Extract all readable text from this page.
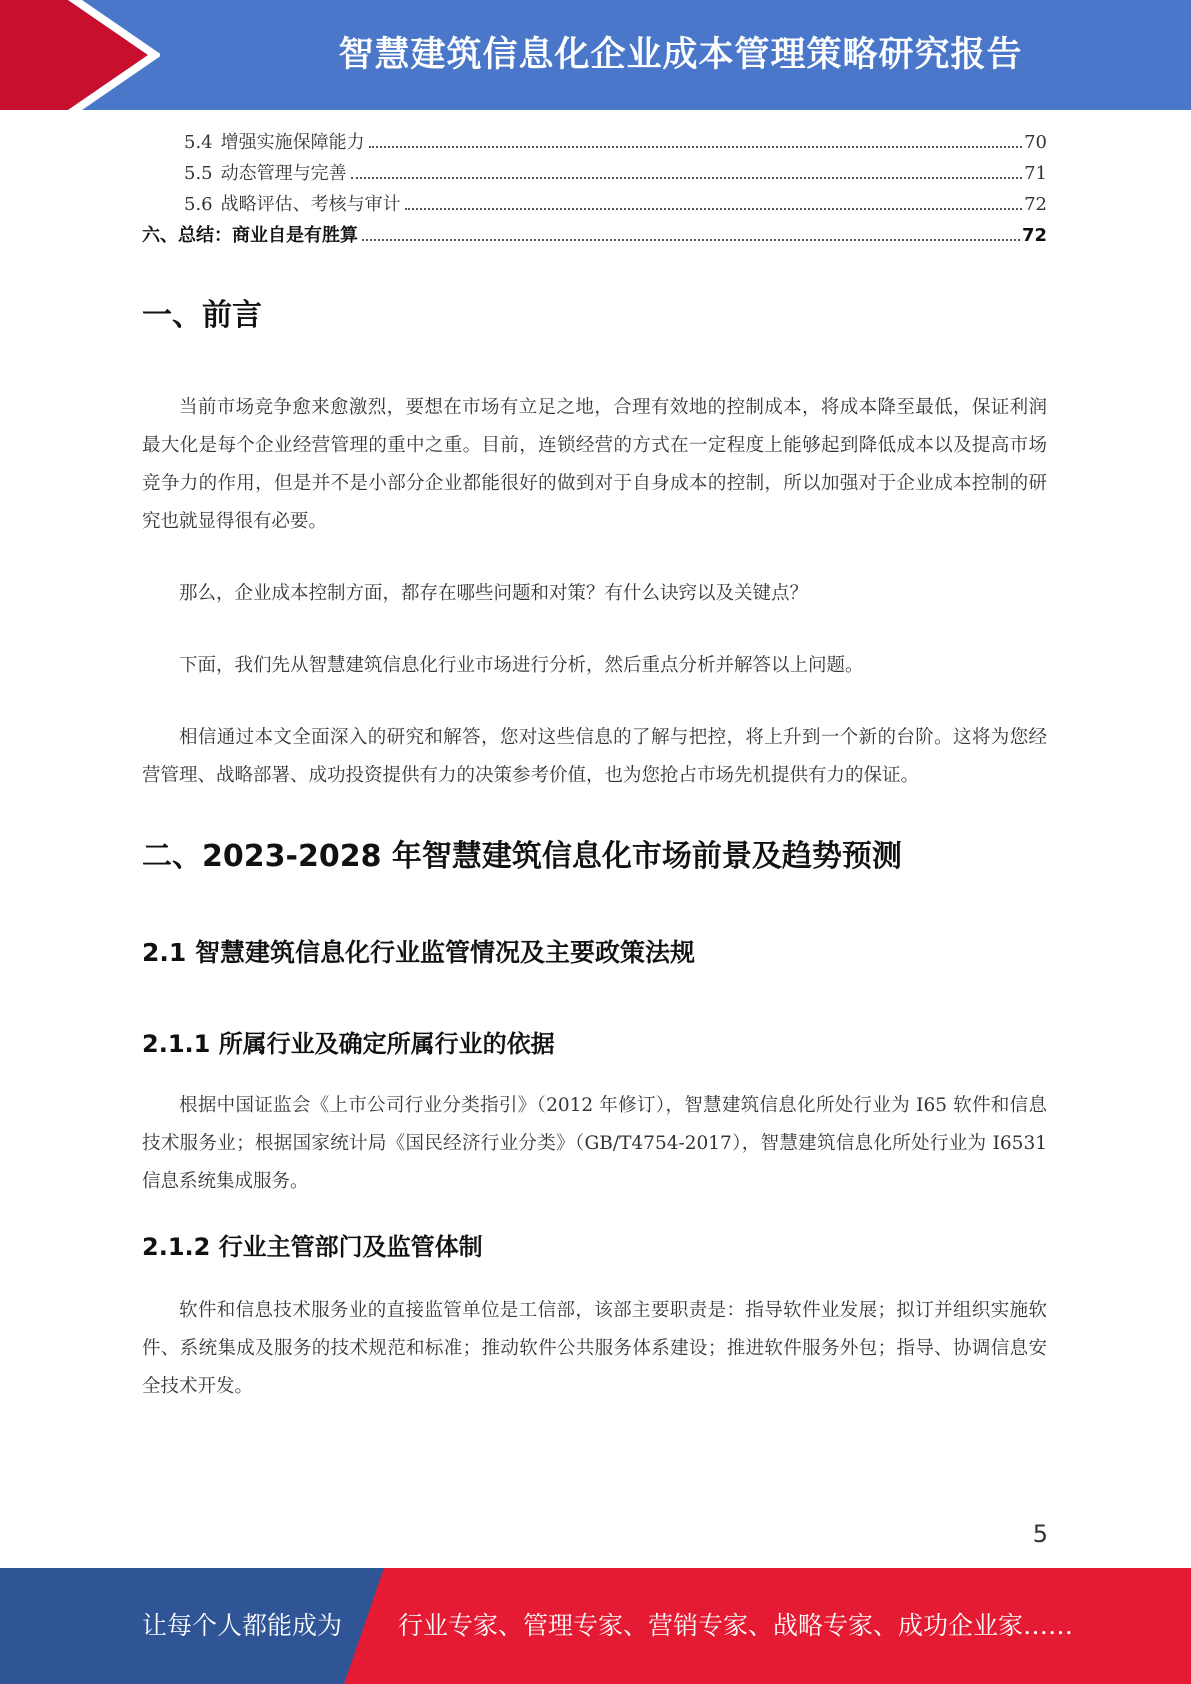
智慧建筑信息化企业成本管理策略研究报告
5.4 增强实施保障能力	70
5.5 动态管理与完善	71
5.6 战略评估、考核与审计	72
六、总结：商业自是有胜算	72
一、前言

当前市场竞争愈来愈激烈，要想在市场有立足之地，合理有效地的控制成本，将成本降至最低，保证利润最大化是每个企业经营管理的重中之重。目前，连锁经营的方式在一定程度上能够起到降低成本以及提高市场竞争力的作用，但是并不是小部分企业都能很好的做到对于自身成本的控制，所以加强对于企业成本控制的研究也就显得很有必要。

那么，企业成本控制方面，都存在哪些问题和对策？有什么诀窍以及关键点？

下面，我们先从智慧建筑信息化行业市场进行分析，然后重点分析并解答以上问题。

相信通过本文全面深入的研究和解答，您对这些信息的了解与把控，将上升到一个新的台阶。这将为您经营管理、战略部署、成功投资提供有力的决策参考价值，也为您抢占市场先机提供有力的保证。

二、2023-2028 年智慧建筑信息化市场前景及趋势预测
2.1 智慧建筑信息化行业监管情况及主要政策法规
2.1.1 所属行业及确定所属行业的依据

根据中国证监会《上市公司行业分类指引》（2012 年修订），智慧建筑信息化所处行业为 I65 软件和信息技术服务业；根据国家统计局《国民经济行业分类》（GB/T4754-2017），智慧建筑信息化所处行业为 I6531 信息系统集成服务。

2.1.2 行业主管部门及监管体制

软件和信息技术服务业的直接监管单位是工信部，该部主要职责是：指导软件业发展；拟订并组织实施软件、系统集成及服务的技术规范和标准；推动软件公共服务体系建设；推进软件服务外包；指导、协调信息安全技术开发。

5
让每个人都能成为 行业专家、管理专家、营销专家、战略专家、成功企业家……
